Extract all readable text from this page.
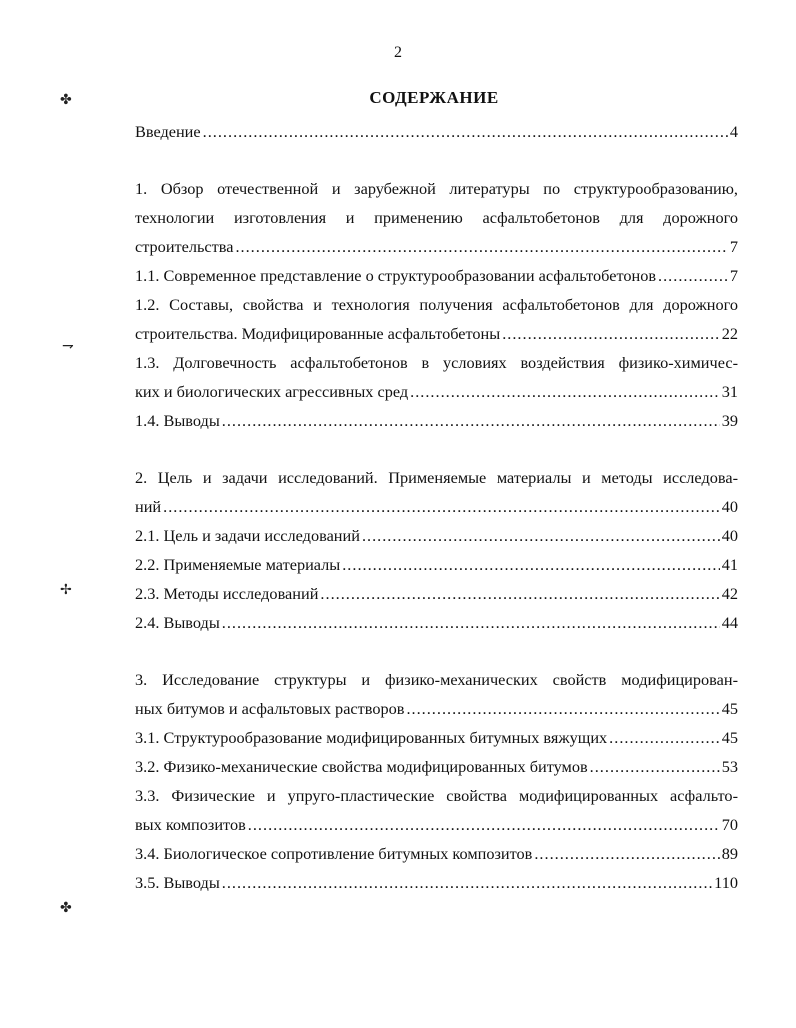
2
✤
⇁
✢
✤
СОДЕРЖАНИЕ
Введение .....	4
1. Обзор отечественной и зарубежной литературы по структурообразованию,
технологии изготовления и применению асфальтобетонов для дорожного
строительства .....	7
1.1. Современное представление о структурообразовании асфальтобетонов .....	7
1.2. Составы, свойства и технология получения асфальтобетонов для дорожного
строительства. Модифицированные асфальтобетоны .....	22
1.3. Долговечность асфальтобетонов в условиях воздействия физико-химичес-
ких и биологических агрессивных сред .....	31
1.4. Выводы .....	39
2. Цель и задачи исследований. Применяемые материалы и методы исследова-
ний .....	40
2.1. Цель и задачи исследований .....	40
2.2. Применяемые материалы .....	41
2.3. Методы исследований .....	42
2.4. Выводы .....	44
3. Исследование структуры и физико-механических свойств модифицирован-
ных битумов и асфальтовых растворов .....	45
3.1. Структурообразование модифицированных битумных вяжущих .....	45
3.2. Физико-механические свойства модифицированных битумов .....	53
3.3. Физические и упруго-пластические свойства модифицированных асфальто-
вых композитов .....	70
3.4. Биологическое сопротивление битумных композитов .....	89
3.5. Выводы .....	110
